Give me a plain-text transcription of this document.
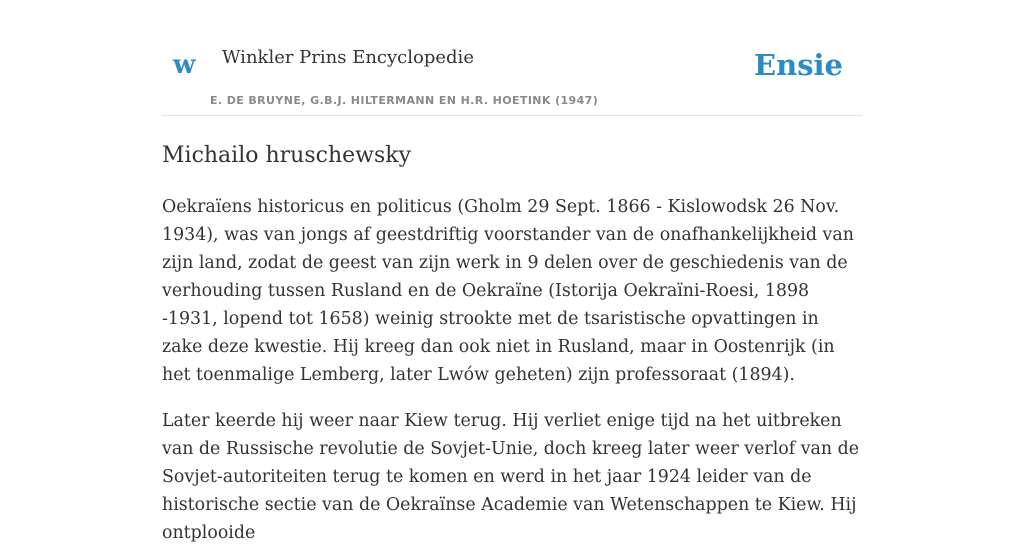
w Winkler Prins Encyclopedie
E. DE BRUYNE, G.B.J. HILTERMANN EN H.R. HOETINK (1947)
Ensie
Michailo hruschewsky

Oekraïens historicus en politicus (Gholm 29 Sept. 1866 - Kislowodsk 26 Nov. 1934), was van jongs af geestdriftig voorstander van de onafhankelijkheid van zijn land, zodat de geest van zijn werk in 9 delen over de geschiedenis van de verhouding tussen Rusland en de Oekraïne (Istorija Oekraïni-Roesi, 1898 -1931, lopend tot 1658) weinig strookte met de tsaristische opvattingen in zake deze kwestie. Hij kreeg dan ook niet in Rusland, maar in Oostenrijk (in het toenmalige Lemberg, later Lwów geheten) zijn professoraat (1894).

Later keerde hij weer naar Kiew terug. Hij verliet enige tijd na het uitbreken van de Russische revolutie de Sovjet-Unie, doch kreeg later weer verlof van de Sovjet-autoriteiten terug te komen en werd in het jaar 1924 leider van de historische sectie van de Oekraïnse Academie van Wetenschappen te Kiew. Hij ontplooide
